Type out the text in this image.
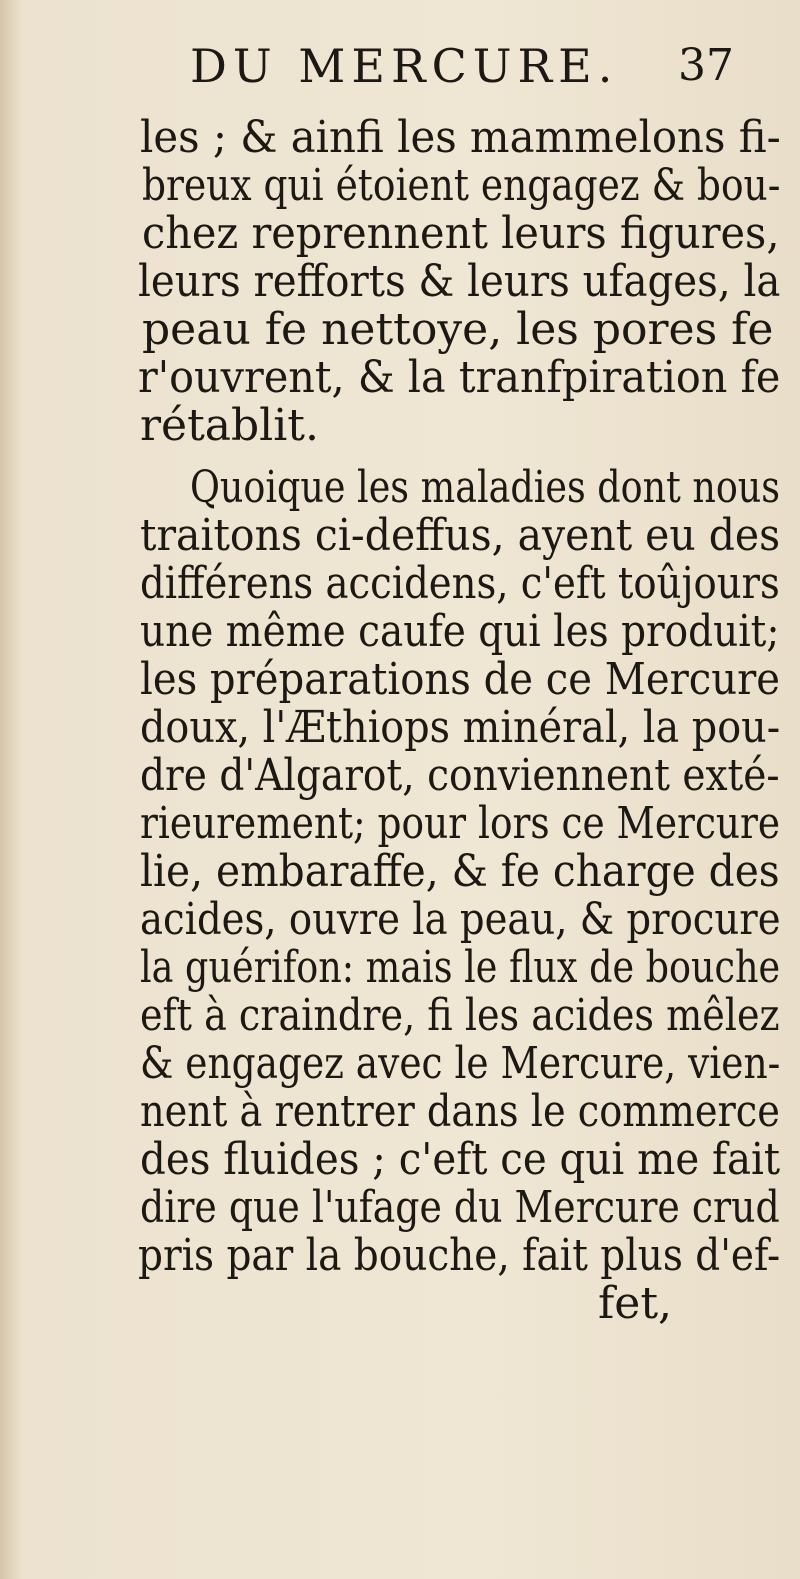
DU MERCURE. 37
les ; & ainfi les mammelons fi-
breux qui étoient engagez & bou-
chez reprennent leurs figures,
leurs refforts & leurs ufages, la
peau fe nettoye, les pores fe
r'ouvrent, & la tranfpiration fe
rétablit.
Quoique les maladies dont nous
traitons ci-deffus, ayent eu des
différens accidens, c'eft toûjours
une même caufe qui les produit;
les préparations de ce Mercure
doux, l'Æthiops minéral, la pou-
dre d'Algarot, conviennent exté-
rieurement; pour lors ce Mercure
lie, embaraffe, & fe charge des
acides, ouvre la peau, & procure
la guérifon: mais le flux de bouche
eft à craindre, fi les acides mêlez
& engagez avec le Mercure, vien-
nent à rentrer dans le commerce
des fluides ; c'eft ce qui me fait
dire que l'ufage du Mercure crud
pris par la bouche, fait plus d'ef-
fet,
